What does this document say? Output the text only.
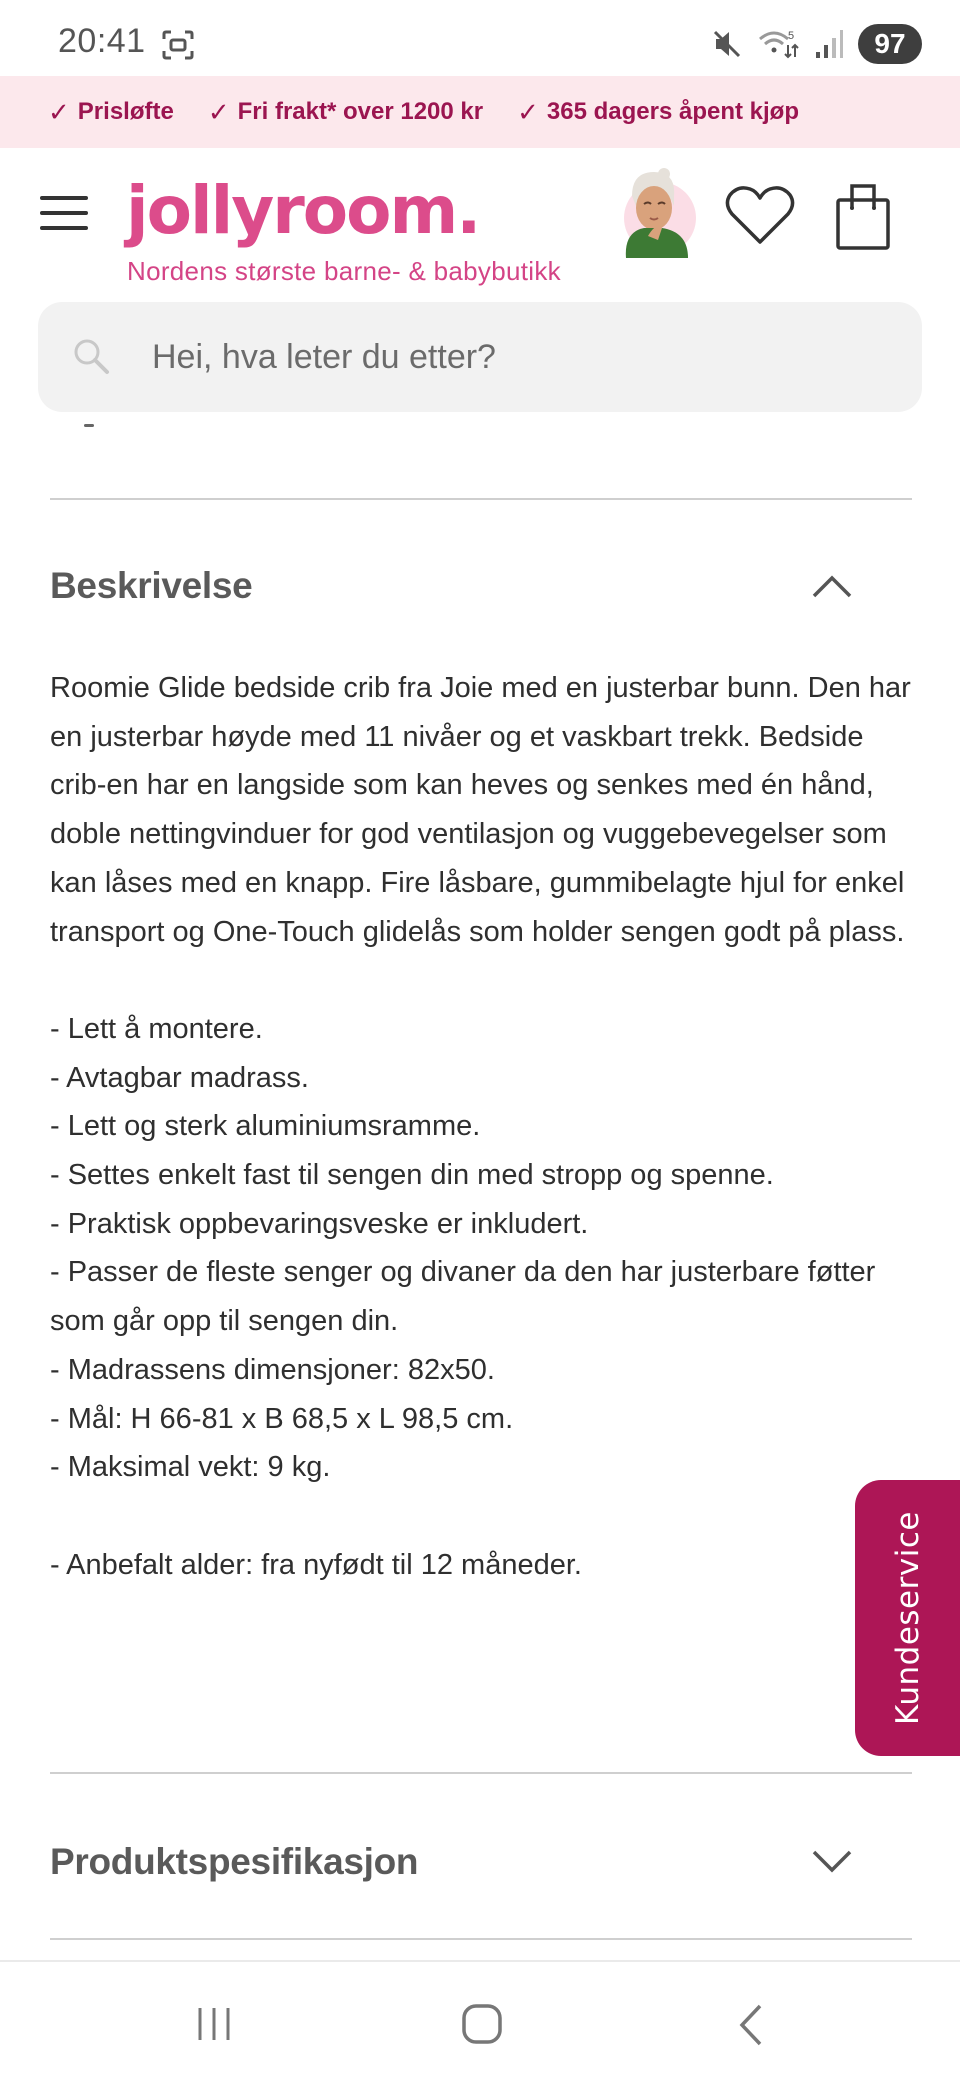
20:41	5	97
✓ Prisløfte ✓ Fri frakt* over 1200 kr ✓ 365 dagers åpent kjøp
jollyroom.
Nordens største barne- & babybutikk
Hei, hva leter du etter?
Beskrivelse

Roomie Glide bedside crib fra Joie med en justerbar bunn. Den har en justerbar høyde med 11 nivåer og et vaskbart trekk. Bedside crib-en har en langside som kan heves og senkes med én hånd, doble nettingvinduer for god ventilasjon og vuggebevegelser som kan låses med en knapp. Fire låsbare, gummibelagte hjul for enkel transport og One-Touch glidelås som holder sengen godt på plass.

- Lett å montere.

- Avtagbar madrass.

- Lett og sterk aluminiumsramme.

- Settes enkelt fast til sengen din med stropp og spenne.

- Praktisk oppbevaringsveske er inkludert.

- Passer de fleste senger og divaner da den har justerbare føtter som går opp til sengen din.

- Madrassens dimensjoner: 82x50.

- Mål: H 66-81 x B 68,5 x L 98,5 cm.

- Maksimal vekt: 9 kg.

- Anbefalt alder: fra nyfødt til 12 måneder.

Produktspesifikasjon
Kundeservice
